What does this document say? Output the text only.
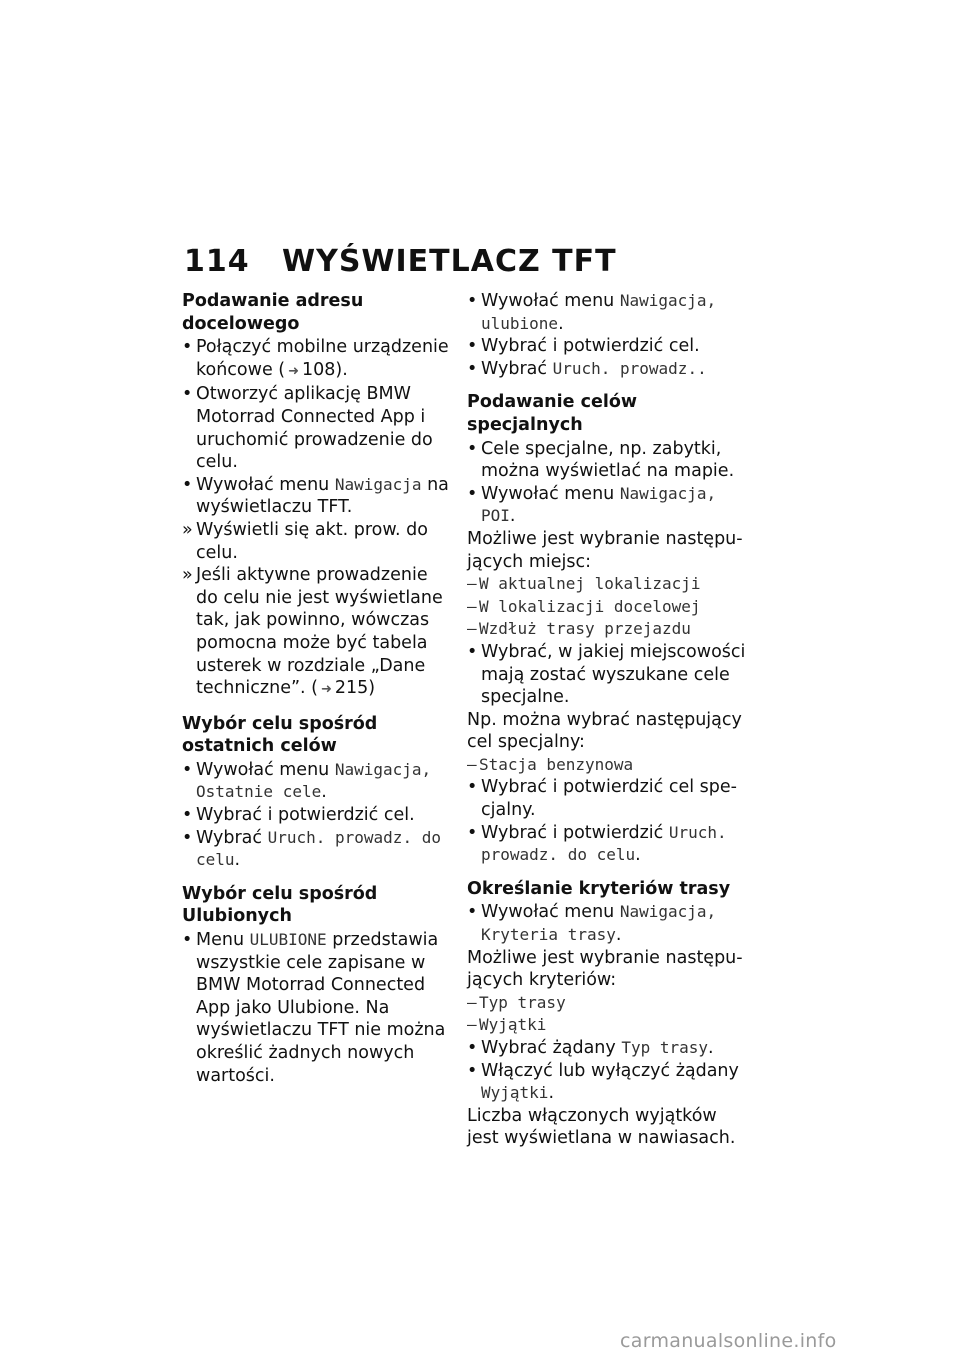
114 WYŚWIETLACZ TFT
Podawanie adresu docelowego
• Połączyć mobilne urządzenie końcowe ( ➜ 108).
• Otworzyć aplikację BMW Motorrad Connected App i uruchomić prowadzenie do celu.
• Wywołać menu Nawigacja na wyświetlaczu TFT.
» Wyświetli się akt. prow. do celu.
» Jeśli aktywne prowadzenie do celu nie jest wyświetlane tak, jak powinno, wówczas pomocna może być tabela usterek w rozdziale „Dane techniczne”. ( ➜ 215)
Wybór celu spośród ostatnich celów
• Wywołać menu Nawigacja, Ostatnie cele.
• Wybrać i potwierdzić cel.
• Wybrać Uruch. prowadz. do celu.
Wybór celu spośród Ulubionych
• Menu ULUBIONE przedstawia wszystkie cele zapisane w BMW Motorrad Connected App jako Ulubione. Na wyświetlaczu TFT nie można określić żadnych nowych wartości.
• Wywołać menu Nawigacja, ulubione.
• Wybrać i potwierdzić cel.
• Wybrać Uruch. prowadz..
Podawanie celów specjalnych
• Cele specjalne, np. zabytki, można wyświetlać na mapie.
• Wywołać menu Nawigacja, POI.
Możliwe jest wybranie następujących miejsc:
– W aktualnej lokalizacji
– W lokalizacji docelowej
– Wzdłuż trasy przejazdu
• Wybrać, w jakiej miejscowości mają zostać wyszukane cele specjalne.
Np. można wybrać następujący cel specjalny:
– Stacja benzynowa
• Wybrać i potwierdzić cel specjalny.
• Wybrać i potwierdzić Uruch. prowadz. do celu.
Określanie kryteriów trasy
• Wywołać menu Nawigacja, Kryteria trasy.
Możliwe jest wybranie następujących kryteriów:
– Typ trasy
– Wyjątki
• Wybrać żądany Typ trasy.
• Włączyć lub wyłączyć żądany Wyjątki.
Liczba włączonych wyjątków jest wyświetlana w nawiasach.
carmanualsonline.info
